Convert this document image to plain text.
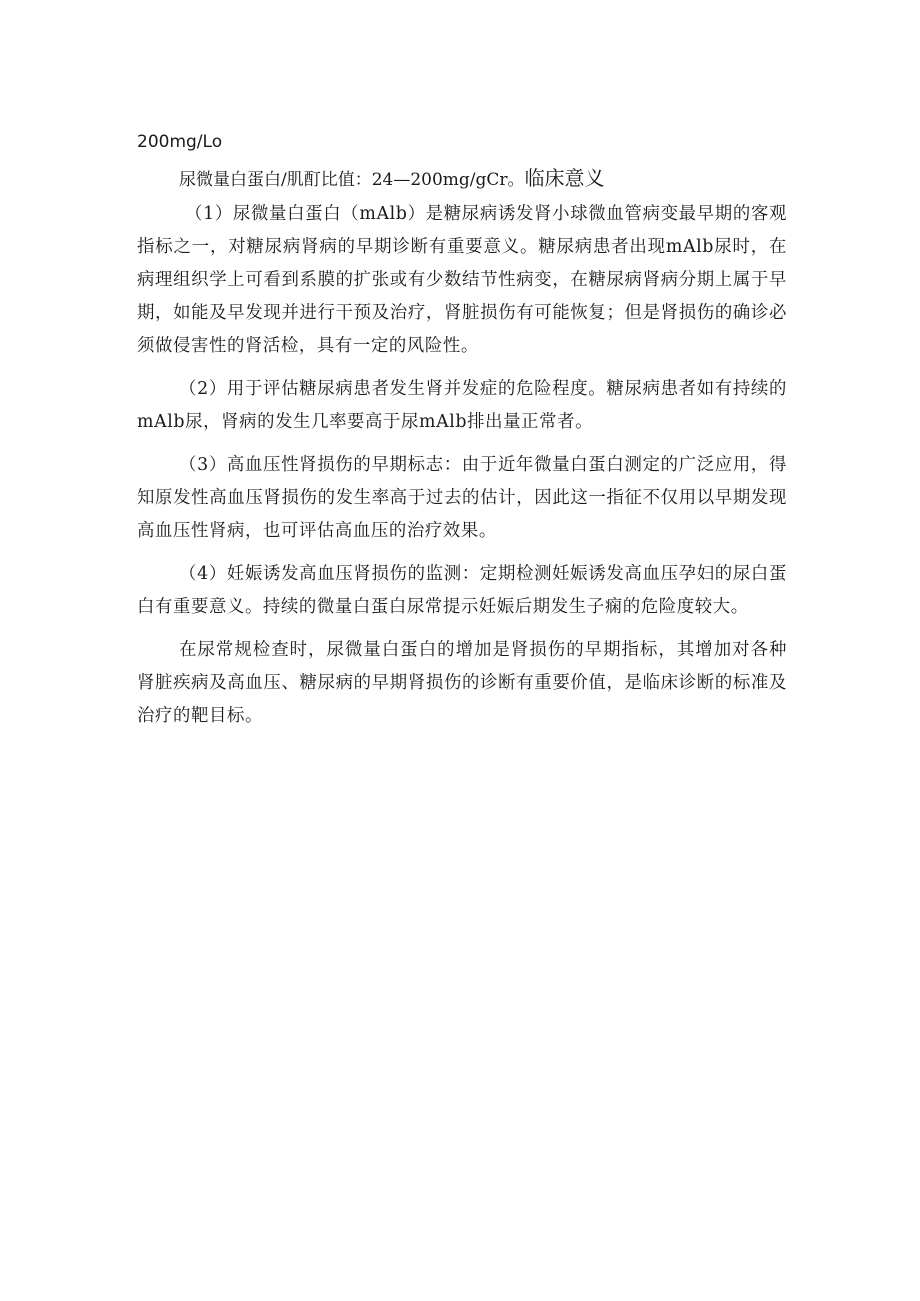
200mg/Lo

尿微量白蛋白/肌酊比值：24—200mg/gCr。临床意义

（1）尿微量白蛋白（mAlb）是糖尿病诱发肾小球微血管病变最早期的客观指标之一，对糖尿病肾病的早期诊断有重要意义。糖尿病患者出现mAlb尿时，在病理组织学上可看到系膜的扩张或有少数结节性病变，在糖尿病肾病分期上属于早期，如能及早发现并进行干预及治疗，肾脏损伤有可能恢复；但是肾损伤的确诊必须做侵害性的肾活检，具有一定的风险性。

（2）用于评估糖尿病患者发生肾并发症的危险程度。糖尿病患者如有持续的mAlb尿，肾病的发生几率要高于尿mAlb排出量正常者。

（3）高血压性肾损伤的早期标志：由于近年微量白蛋白测定的广泛应用，得知原发性高血压肾损伤的发生率高于过去的估计，因此这一指征不仅用以早期发现高血压性肾病，也可评估高血压的治疗效果。

（4）妊娠诱发高血压肾损伤的监测：定期检测妊娠诱发高血压孕妇的尿白蛋白有重要意义。持续的微量白蛋白尿常提示妊娠后期发生子痫的危险度较大。

在尿常规检查时，尿微量白蛋白的增加是肾损伤的早期指标，其增加对各种肾脏疾病及高血压、糖尿病的早期肾损伤的诊断有重要价值，是临床诊断的标准及治疗的靶目标。
